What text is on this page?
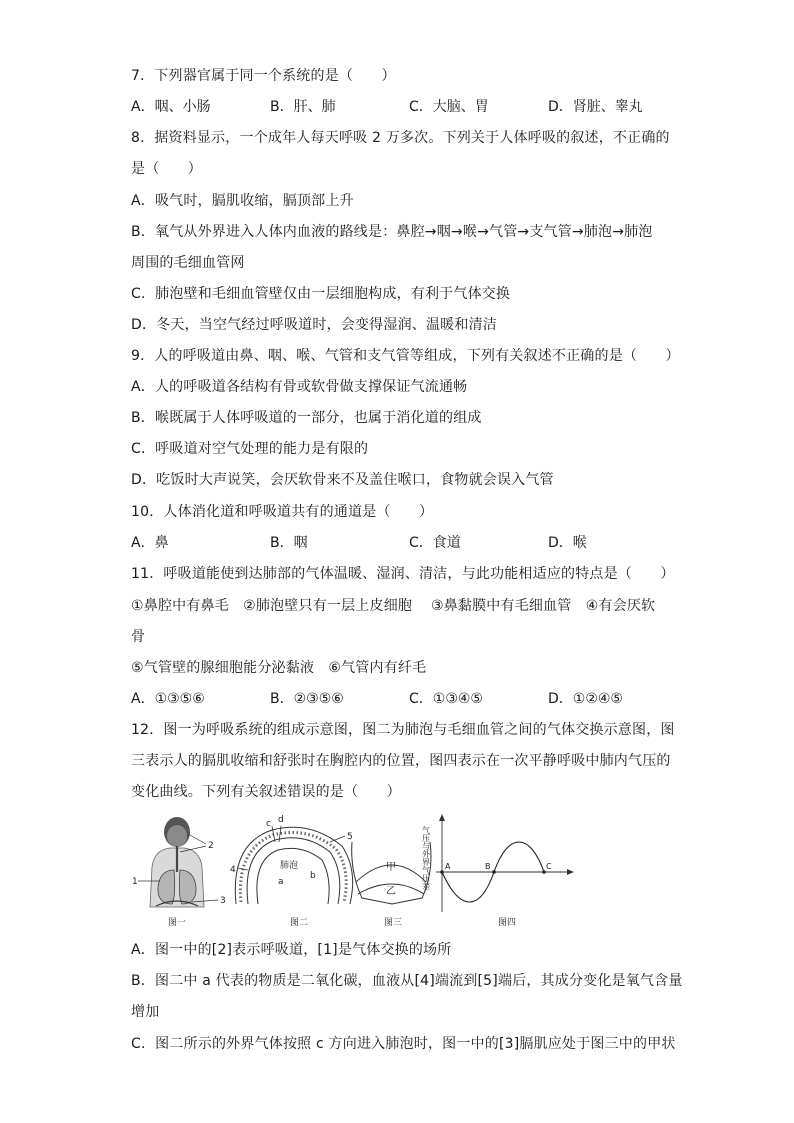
7．下列器官属于同一个系统的是（　　）
A．咽、小肠	B．肝、肺	C．大脑、胃	D．肾脏、睾丸
8．据资料显示，一个成年人每天呼吸 2 万多次。下列关于人体呼吸的叙述，不正确的
是（　　）
A．吸气时，膈肌收缩，膈顶部上升
B．氧气从外界进入人体内血液的路线是：鼻腔→咽→喉→气管→支气管→肺泡→肺泡
周围的毛细血管网
C．肺泡壁和毛细血管壁仅由一层细胞构成，有利于气体交换
D．冬天，当空气经过呼吸道时，会变得湿润、温暖和清洁
9．人的呼吸道由鼻、咽、喉、气管和支气管等组成，下列有关叙述不正确的是（　　）
A．人的呼吸道各结构有骨或软骨做支撑保证气流通畅
B．喉既属于人体呼吸道的一部分，也属于消化道的组成
C．呼吸道对空气处理的能力是有限的
D．吃饭时大声说笑，会厌软骨来不及盖住喉口，食物就会误入气管
10．人体消化道和呼吸道共有的通道是（　　）
A．鼻	B．咽	C．食道	D．喉
11．呼吸道能使到达肺部的气体温暖、湿润、清洁，与此功能相适应的特点是（　　）
①鼻腔中有鼻毛　②肺泡壁只有一层上皮细胞　 ③鼻黏膜中有毛细血管　④有会厌软
骨
⑤气管壁的腺细胞能分泌黏液　⑥气管内有纤毛
A．①③⑤⑥	B．②③⑤⑥	C．①③④⑤	D．①②④⑤
12．图一为呼吸系统的组成示意图，图二为肺泡与毛细血管之间的气体交换示意图，图
三表示人的膈肌收缩和舒张时在胸腔内的位置，图四表示在一次平静呼吸中肺内气压的
变化曲线。下列有关叙述错误的是（　　）
2
1
3
图一
c d
5
4	肺泡
a
b
图二
甲
乙
图三
A	B	C
气压与外界气压差
图四
A．图一中的[2]表示呼吸道，[1]是气体交换的场所
B．图二中 a 代表的物质是二氧化碳，血液从[4]端流到[5]端后，其成分变化是氧气含量
增加
C．图二所示的外界气体按照 c 方向进入肺泡时，图一中的[3]膈肌应处于图三中的甲状
